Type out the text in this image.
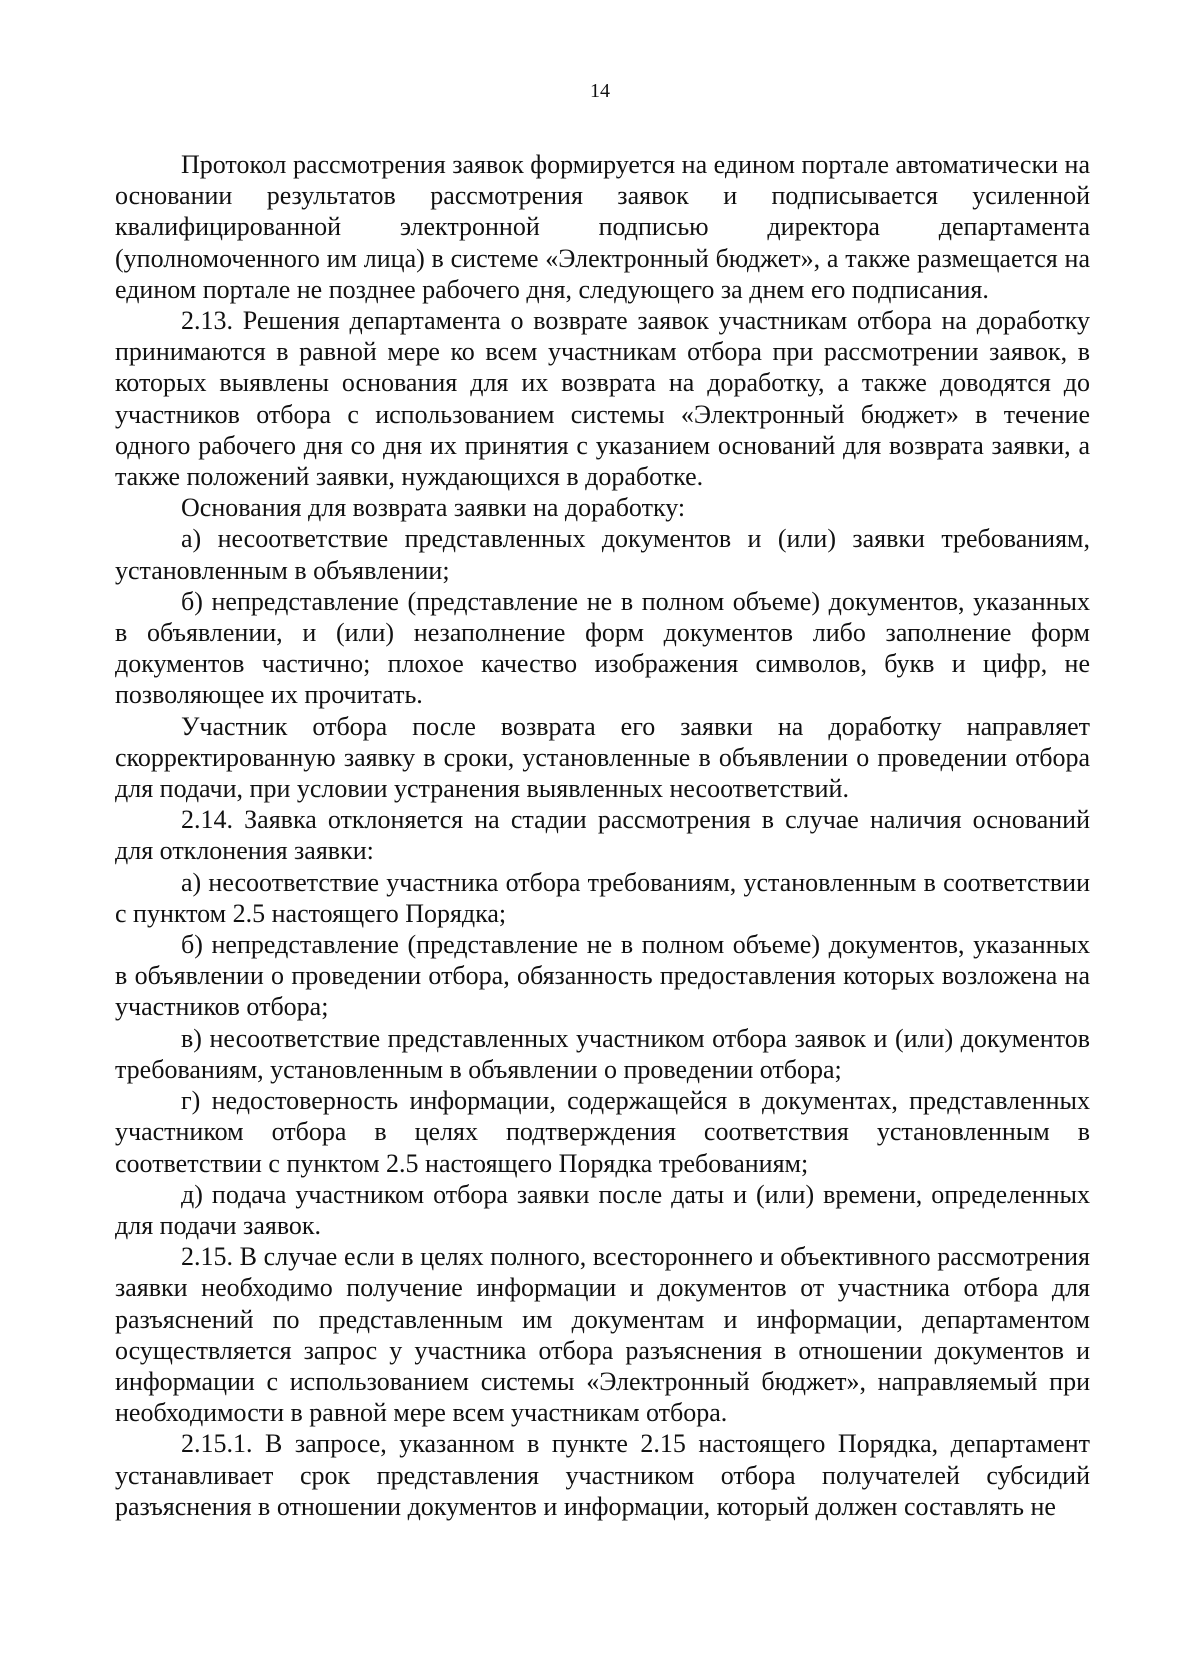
14

Протокол рассмотрения заявок формируется на едином портале автоматически на основании результатов рассмотрения заявок и подписывается усиленной квалифицированной электронной подписью директора департамента (уполномоченного им лица) в системе «Электронный бюджет», а также размещается на едином портале не позднее рабочего дня, следующего за днем его подписания.

2.13. Решения департамента о возврате заявок участникам отбора на доработку принимаются в равной мере ко всем участникам отбора при рассмотрении заявок, в которых выявлены основания для их возврата на доработку, а также доводятся до участников отбора с использованием системы «Электронный бюджет» в течение одного рабочего дня со дня их принятия с указанием оснований для возврата заявки, а также положений заявки, нуждающихся в доработке.

Основания для возврата заявки на доработку:

а) несоответствие представленных документов и (или) заявки требованиям, установленным в объявлении;

б) непредставление (представление не в полном объеме) документов, указанных в объявлении, и (или) незаполнение форм документов либо заполнение форм документов частично; плохое качество изображения символов, букв и цифр, не позволяющее их прочитать.

Участник отбора после возврата его заявки на доработку направляет скорректированную заявку в сроки, установленные в объявлении о проведении отбора для подачи, при условии устранения выявленных несоответствий.

2.14. Заявка отклоняется на стадии рассмотрения в случае наличия оснований для отклонения заявки:

а) несоответствие участника отбора требованиям, установленным в соответствии с пунктом 2.5 настоящего Порядка;

б) непредставление (представление не в полном объеме) документов, указанных в объявлении о проведении отбора, обязанность предоставления которых возложена на участников отбора;

в) несоответствие представленных участником отбора заявок и (или) документов требованиям, установленным в объявлении о проведении отбора;

г) недостоверность информации, содержащейся в документах, представленных участником отбора в целях подтверждения соответствия установленным в соответствии с пунктом 2.5 настоящего Порядка требованиям;

д) подача участником отбора заявки после даты и (или) времени, определенных для подачи заявок.

2.15. В случае если в целях полного, всестороннего и объективного рассмотрения заявки необходимо получение информации и документов от участника отбора для разъяснений по представленным им документам и информации, департаментом осуществляется запрос у участника отбора разъяснения в отношении документов и информации с использованием системы «Электронный бюджет», направляемый при необходимости в равной мере всем участникам отбора.

2.15.1. В запросе, указанном в пункте 2.15 настоящего Порядка, департамент устанавливает срок представления участником отбора получателей субсидий разъяснения в отношении документов и информации, который должен составлять не
